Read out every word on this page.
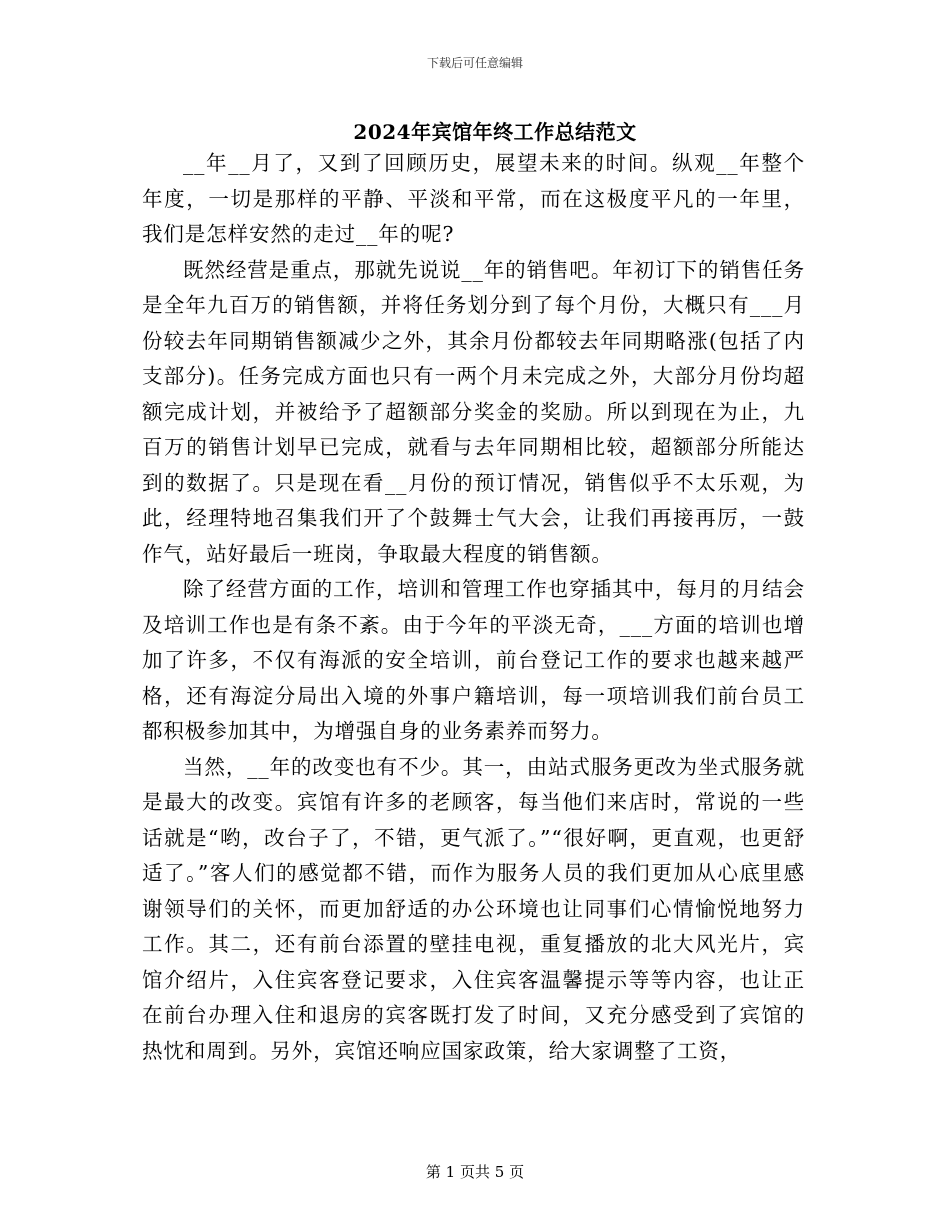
下载后可任意编辑
2024年宾馆年终工作总结范文

__年__月了，又到了回顾历史，展望未来的时间。纵观__年整个年度，一切是那样的平静、平淡和平常，而在这极度平凡的一年里，我们是怎样安然的走过__年的呢?

既然经营是重点，那就先说说__年的销售吧。年初订下的销售任务是全年九百万的销售额，并将任务划分到了每个月份，大概只有___月份较去年同期销售额减少之外，其余月份都较去年同期略涨(包括了内支部分)。任务完成方面也只有一两个月未完成之外，大部分月份均超额完成计划，并被给予了超额部分奖金的奖励。所以到现在为止，九百万的销售计划早已完成，就看与去年同期相比较，超额部分所能达到的数据了。只是现在看__月份的预订情况，销售似乎不太乐观，为此，经理特地召集我们开了个鼓舞士气大会，让我们再接再厉，一鼓作气，站好最后一班岗，争取最大程度的销售额。

除了经营方面的工作，培训和管理工作也穿插其中，每月的月结会及培训工作也是有条不紊。由于今年的平淡无奇，___方面的培训也增加了许多，不仅有海派的安全培训，前台登记工作的要求也越来越严格，还有海淀分局出入境的外事户籍培训，每一项培训我们前台员工都积极参加其中，为增强自身的业务素养而努力。

当然，__年的改变也有不少。其一，由站式服务更改为坐式服务就是最大的改变。宾馆有许多的老顾客，每当他们来店时，常说的一些话就是“哟，改台子了，不错，更气派了。”“很好啊，更直观，也更舒适了。”客人们的感觉都不错，而作为服务人员的我们更加从心底里感谢领导们的关怀，而更加舒适的办公环境也让同事们心情愉悦地努力工作。其二，还有前台添置的壁挂电视，重复播放的北大风光片，宾馆介绍片，入住宾客登记要求，入住宾客温馨提示等等内容，也让正在前台办理入住和退房的宾客既打发了时间，又充分感受到了宾馆的热忱和周到。另外，宾馆还响应国家政策，给大家调整了工资，

第 1 页共 5 页
